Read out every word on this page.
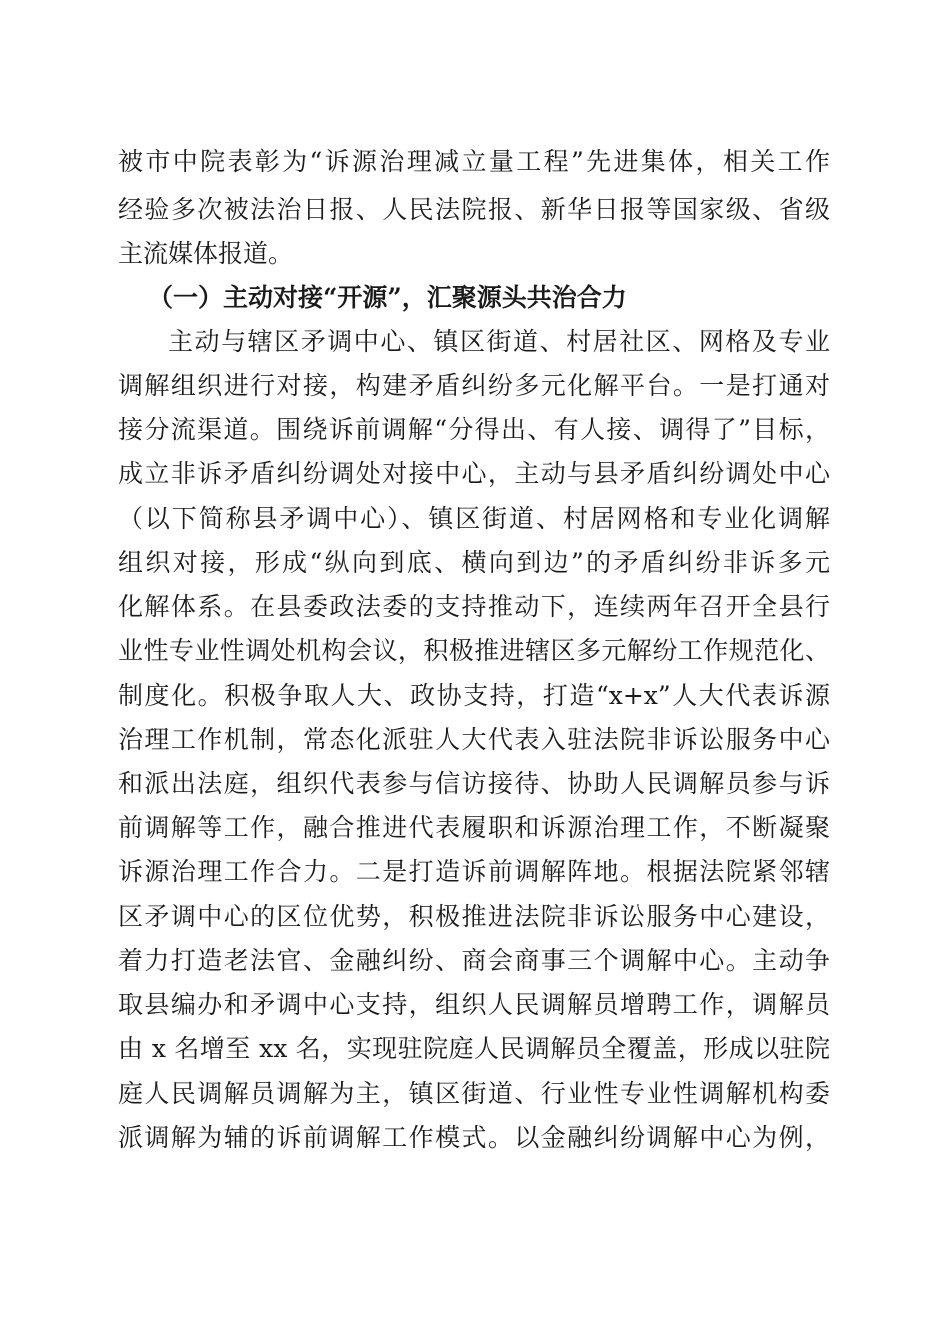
被市中院表彰为“诉源治理减立量工程”先进集体，相关工作
经验多次被法治日报、人民法院报、新华日报等国家级、省级
主流媒体报道。
（一）主动对接“开源”，汇聚源头共治合力
主动与辖区矛调中心、镇区街道、村居社区、网格及专业
调解组织进行对接，构建矛盾纠纷多元化解平台。一是打通对
接分流渠道。围绕诉前调解“分得出、有人接、调得了”目标，
成立非诉矛盾纠纷调处对接中心，主动与县矛盾纠纷调处中心
（以下简称县矛调中心）、镇区街道、村居网格和专业化调解
组织对接，形成“纵向到底、横向到边”的矛盾纠纷非诉多元
化解体系。在县委政法委的支持推动下，连续两年召开全县行
业性专业性调处机构会议，积极推进辖区多元解纷工作规范化、
制度化。积极争取人大、政协支持，打造“x+x”人大代表诉源
治理工作机制，常态化派驻人大代表入驻法院非诉讼服务中心
和派出法庭，组织代表参与信访接待、协助人民调解员参与诉
前调解等工作，融合推进代表履职和诉源治理工作，不断凝聚
诉源治理工作合力。二是打造诉前调解阵地。根据法院紧邻辖
区矛调中心的区位优势，积极推进法院非诉讼服务中心建设，
着力打造老法官、金融纠纷、商会商事三个调解中心。主动争
取县编办和矛调中心支持，组织人民调解员增聘工作，调解员
由 x 名增至 xx 名，实现驻院庭人民调解员全覆盖，形成以驻院
庭人民调解员调解为主，镇区街道、行业性专业性调解机构委
派调解为辅的诉前调解工作模式。以金融纠纷调解中心为例，
